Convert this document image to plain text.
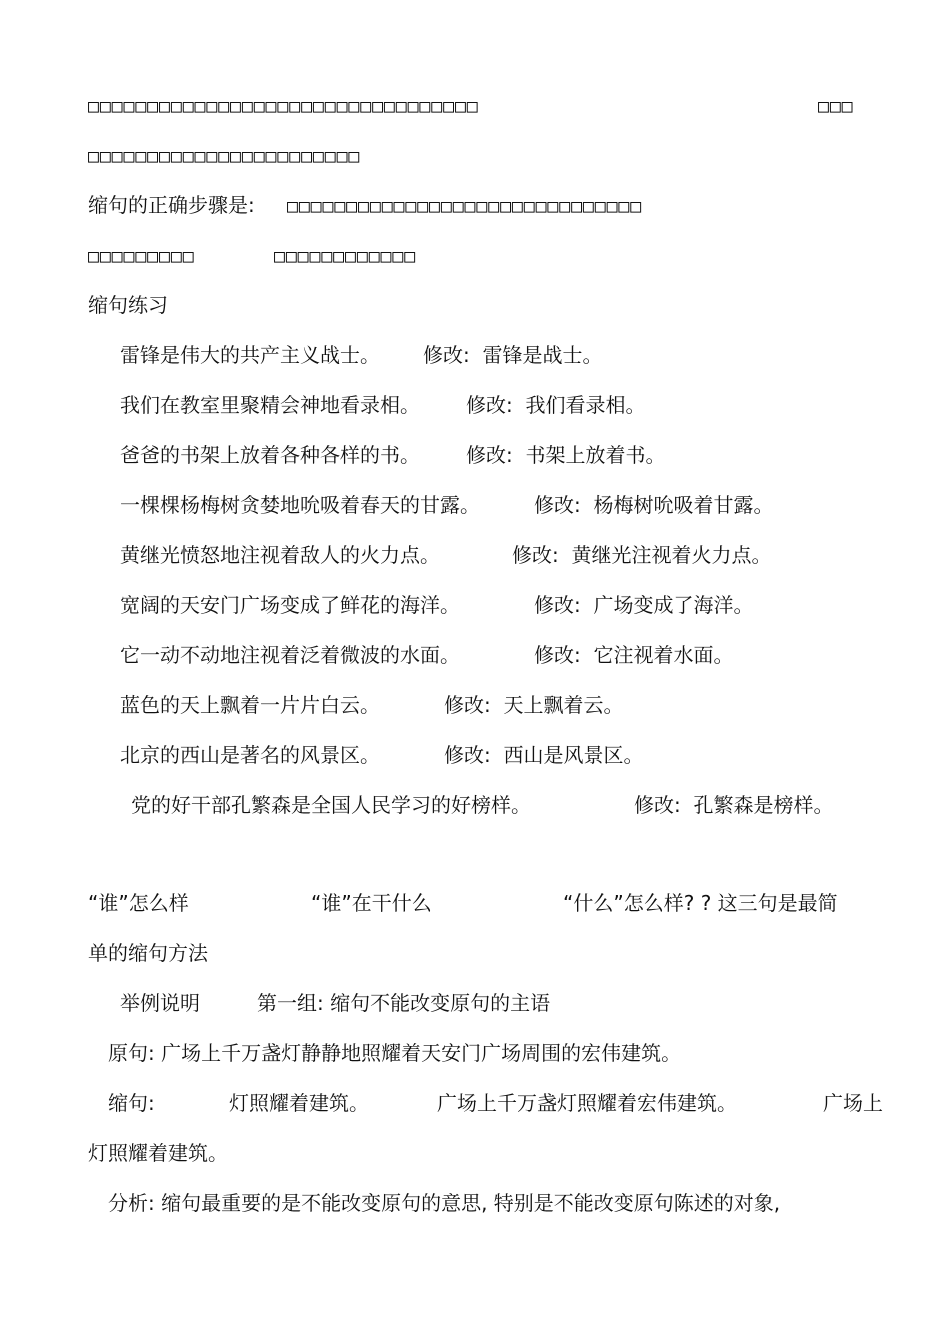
□□□□□□□□□□□□□□□□□□□□□□□□□□□□□□□□□	□□□
□□□□□□□□□□□□□□□□□□□□□□□
缩句的正确步骤是: □□□□□□□□□□□□□□□□□□□□□□□□□□□□□□
□□□□□□□□□	□□□□□□□□□□□□
缩句练习
雷锋是伟大的共产主义战士。 修改:  雷锋是战士。
我们在教室里聚精会神地看录相。 修改:  我们看录相。
爸爸的书架上放着各种各样的书。 修改:  书架上放着书。
一棵棵杨梅树贪婪地吮吸着春天的甘露。	修改:  杨梅树吮吸着甘露。
黄继光愤怒地注视着敌人的火力点。	修改:  黄继光注视着火力点。
宽阔的天安门广场变成了鲜花的海洋。	修改:  广场变成了海洋。
它一动不动地注视着泛着微波的水面。	修改:  它注视着水面。
蓝色的天上飘着一片片白云。	修改:  天上飘着云。
北京的西山是著名的风景区。	修改:  西山是风景区。
党的好干部孔繁森是全国人民学习的好榜样。	修改:  孔繁森是榜样。
“谁”怎么样	“谁”在干什么	“什么”怎么样? ? 这三句是最简
单的缩句方法
举例说明	第一组: 缩句不能改变原句的主语
原句: 广场上千万盏灯静静地照耀着天安门广场周围的宏伟建筑。
缩句:	灯照耀着建筑。	广场上千万盏灯照耀着宏伟建筑。	广场上
灯照耀着建筑。
分析: 缩句最重要的是不能改变原句的意思, 特别是不能改变原句陈述的对象,
